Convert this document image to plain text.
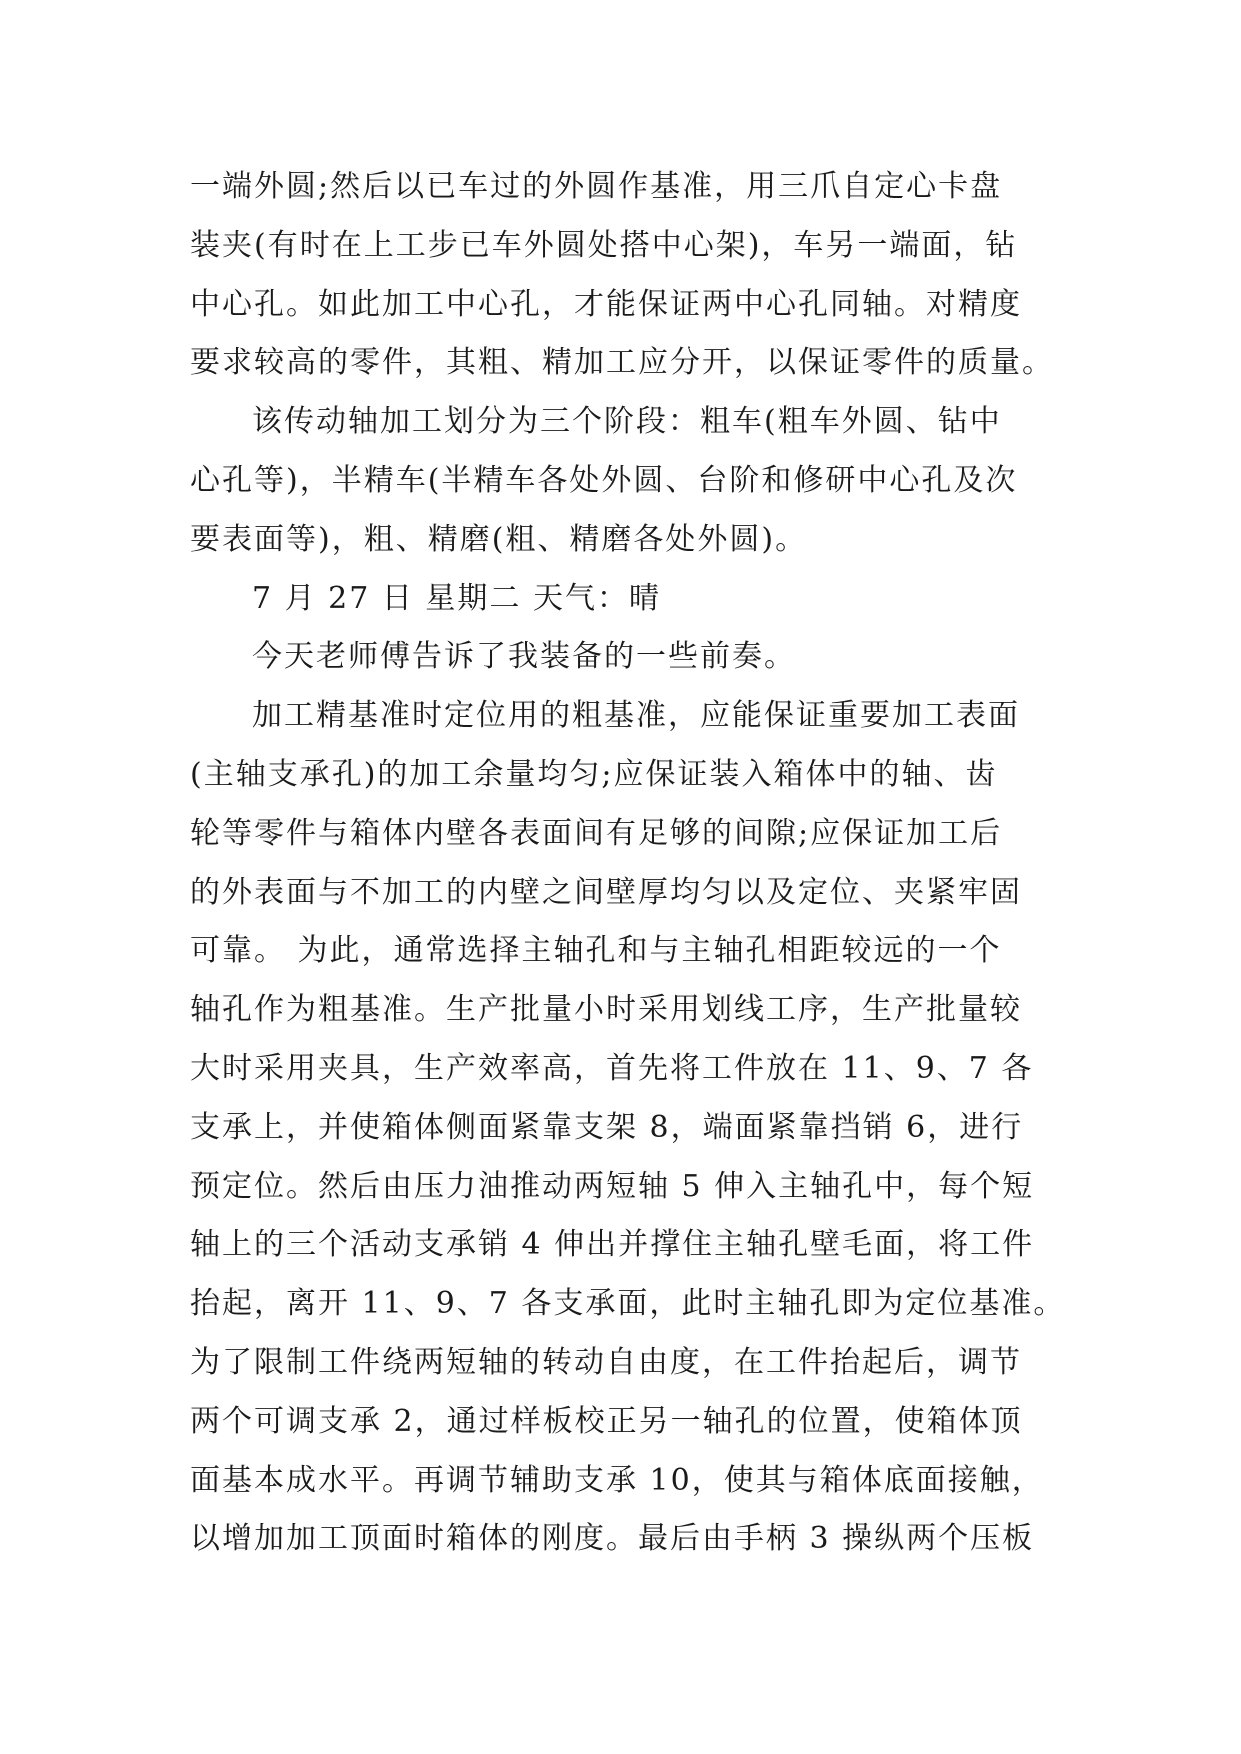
一端外圆;然后以已车过的外圆作基准，用三爪自定心卡盘
装夹(有时在上工步已车外圆处搭中心架)，车另一端面，钻
中心孔。如此加工中心孔，才能保证两中心孔同轴。对精度
要求较高的零件，其粗、精加工应分开，以保证零件的质量。
该传动轴加工划分为三个阶段：粗车(粗车外圆、钻中
心孔等)，半精车(半精车各处外圆、台阶和修研中心孔及次
要表面等)，粗、精磨(粗、精磨各处外圆)。
7 月 27 日 星期二 天气：晴
今天老师傅告诉了我装备的一些前奏。
加工精基准时定位用的粗基准，应能保证重要加工表面
(主轴支承孔)的加工余量均匀;应保证装入箱体中的轴、齿
轮等零件与箱体内壁各表面间有足够的间隙;应保证加工后
的外表面与不加工的内壁之间壁厚均匀以及定位、夹紧牢固
可靠。 为此，通常选择主轴孔和与主轴孔相距较远的一个
轴孔作为粗基准。生产批量小时采用划线工序，生产批量较
大时采用夹具，生产效率高，首先将工件放在 11、9、7 各
支承上，并使箱体侧面紧靠支架 8，端面紧靠挡销 6，进行
预定位。然后由压力油推动两短轴 5 伸入主轴孔中，每个短
轴上的三个活动支承销 4 伸出并撑住主轴孔壁毛面，将工件
抬起，离开 11、9、7 各支承面，此时主轴孔即为定位基准。
为了限制工件绕两短轴的转动自由度，在工件抬起后，调节
两个可调支承 2，通过样板校正另一轴孔的位置，使箱体顶
面基本成水平。再调节辅助支承 10，使其与箱体底面接触，
以增加加工顶面时箱体的刚度。最后由手柄 3 操纵两个压板
